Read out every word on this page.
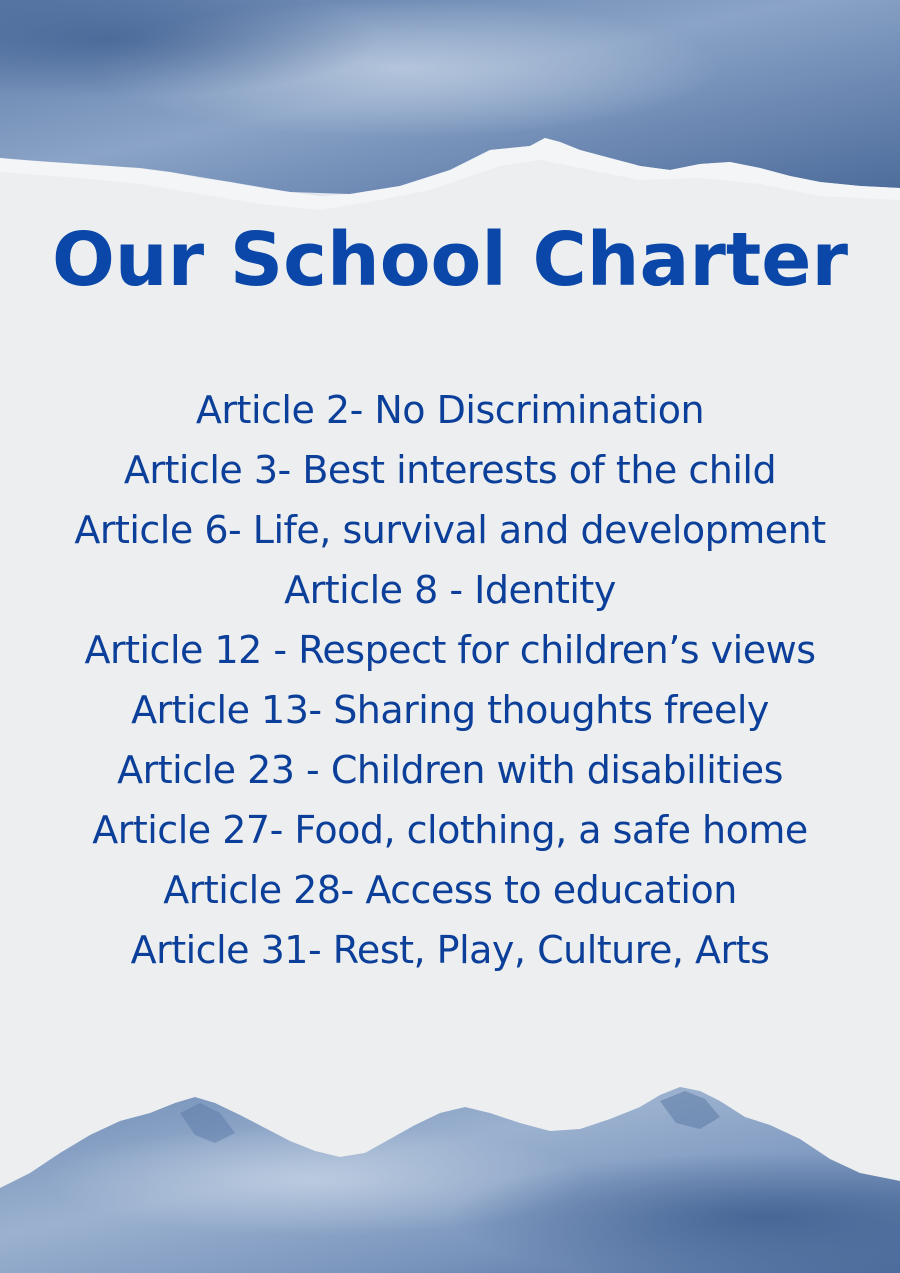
Our School Charter
Article 2- No Discrimination
Article 3- Best interests of the child
Article 6- Life, survival and development
Article 8 - Identity
Article 12 - Respect for children’s views
Article 13- Sharing thoughts freely
Article 23 - Children with disabilities
Article 27- Food, clothing, a safe home
Article 28- Access to education
Article 31- Rest, Play, Culture, Arts
